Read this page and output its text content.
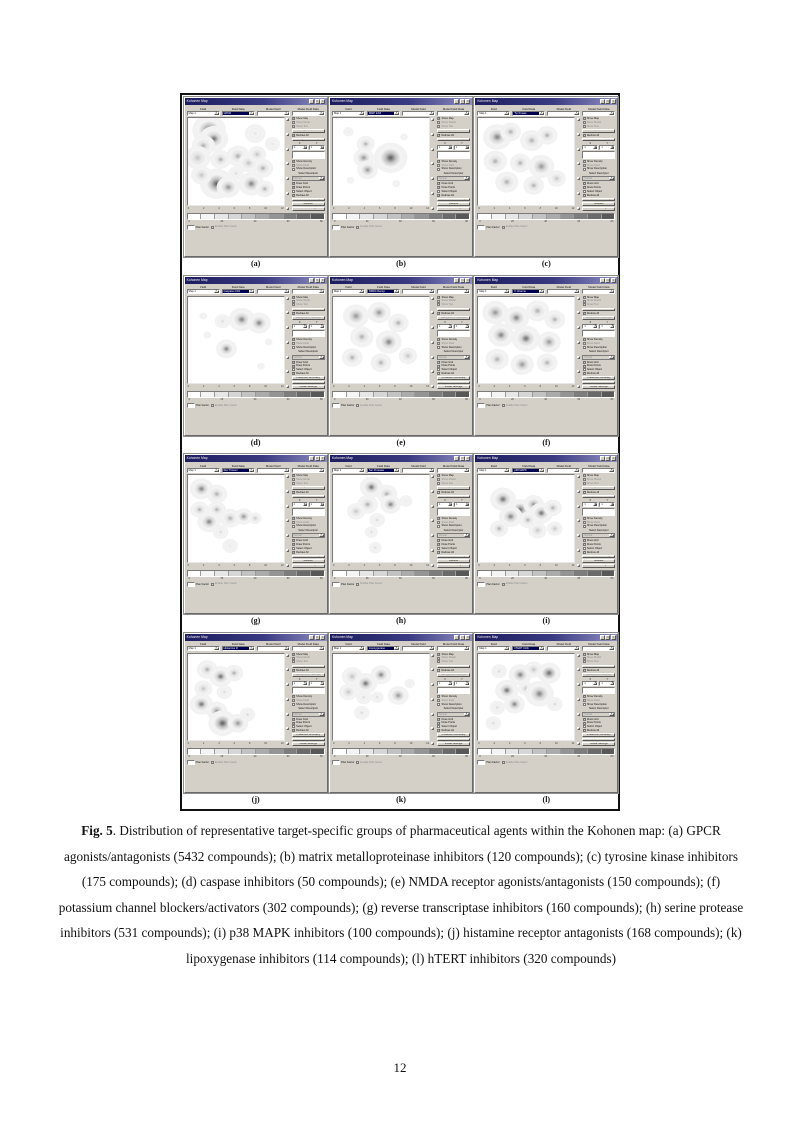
Kohonen Map	_	□	×
Field
Map 1	▾
Field Data
GPCR	▾
Model Field
▾
Model Field Data
▾
0	2	4	6	8	10	12
✓ Show Map
Show Model
Show Text
Put Map As a Picture
✓ Redraw All
Background Settings
X
1	⇅
Y
1	⇅
✓ Show Density
Show Field
Show Description
Select Descriptor
Normal	▾
✓ Draw Grid
✓ Draw Points
Select Object
✓ Redraw All
Prediction Accuracy
Results
Visual Settings
0	20	40	60	80
Plan Factor Enable Plan Factor
(a)
Kohonen Map	_	□	×
Field
Map 1	▾
Field Data
MMP Inhib	▾
Model Field
▾
Model Field Data
▾
0	2	4	6	8	10	12
✓ Show Map
Show Model
Show Text
Put Map As a Picture
✓ Redraw All
Background Settings
X
1	⇅
Y
1	⇅
✓ Show Density
Show Field
Show Description
Select Descriptor
Normal	▾
✓ Draw Grid
✓ Draw Points
Select Object
✓ Redraw All
Prediction Accuracy
Results
Visual Settings
0	20	40	60	80
Plan Factor Enable Plan Factor
(b)
Kohonen Map	_	□	×
Field
Map 1	▾
Field Data
Tyr Kinase	▾
Model Field
▾
Model Field Data
▾
0	2	4	6	8	10	12
✓ Show Map
Show Model
Show Text
Put Map As a Picture
✓ Redraw All
Background Settings
X
1	⇅
Y
1	⇅
✓ Show Density
Show Field
Show Description
Select Descriptor
Normal	▾
✓ Draw Grid
✓ Draw Points
Select Object
✓ Redraw All
Prediction Accuracy
Results
Visual Settings
0	20	40	60	80
Plan Factor Enable Plan Factor
(c)
Kohonen Map	_	□	×
Field
Map 1	▾
Field Data
Caspase Inhib	▾
Model Field
▾
Model Field Data
▾
0	2	4	6	8	10	12
✓ Show Map
Show Model
Show Text
Put Map As a Picture
✓ Redraw All
Background Settings
X
1	⇅
Y
1	⇅
✓ Show Density
Show Field
Show Description
Select Descriptor
Normal	▾
✓ Draw Grid
✓ Draw Points
Select Object
✓ Redraw All
Prediction Accuracy
Results
Visual Settings
0	20	40	60	80
Plan Factor Enable Plan Factor
(d)
Kohonen Map	_	□	×
Field
Map 1	▾
Field Data
NMDA Recept	▾
Model Field
▾
Model Field Data
▾
0	2	4	6	8	10	12
✓ Show Map
Show Model
Show Text
Put Map As a Picture
✓ Redraw All
Background Settings
X
1	⇅
Y
1	⇅
✓ Show Density
Show Field
Show Description
Select Descriptor
Normal	▾
✓ Draw Grid
✓ Draw Points
Select Object
✓ Redraw All
Prediction Accuracy
Results
Visual Settings
0	20	40	60	80
Plan Factor Enable Plan Factor
(e)
Kohonen Map	_	□	×
Field
Map 1	▾
Field Data
K Channel	▾
Model Field
▾
Model Field Data
▾
0	2	4	6	8	10	12
✓ Show Map
Show Model
Show Text
Put Map As a Picture
✓ Redraw All
Background Settings
X
1	⇅
Y
1	⇅
✓ Show Density
Show Field
Show Description
Select Descriptor
Normal	▾
✓ Draw Grid
✓ Draw Points
Select Object
✓ Redraw All
Prediction Accuracy
Results
Visual Settings
0	20	40	60	80
Plan Factor Enable Plan Factor
(f)
Kohonen Map	_	□	×
Field
Map 1	▾
Field Data
Rev Transcr	▾
Model Field
▾
Model Field Data
▾
0	2	4	6	8	10	12
✓ Show Map
Show Model
Show Text
Put Map As a Picture
✓ Redraw All
Background Settings
X
1	⇅
Y
1	⇅
✓ Show Density
Show Field
Show Description
Select Descriptor
Normal	▾
✓ Draw Grid
✓ Draw Points
Select Object
✓ Redraw All
Prediction Accuracy
Results
Visual Settings
0	20	40	60	80
Plan Factor Enable Plan Factor
(g)
Kohonen Map	_	□	×
Field
Map 1	▾
Field Data
Ser Protease	▾
Model Field
▾
Model Field Data
▾
0	2	4	6	8	10	12
✓ Show Map
Show Model
Show Text
Put Map As a Picture
✓ Redraw All
Background Settings
X
1	⇅
Y
1	⇅
✓ Show Density
Show Field
Show Description
Select Descriptor
Normal	▾
✓ Draw Grid
✓ Draw Points
Select Object
✓ Redraw All
Prediction Accuracy
Results
Visual Settings
0	20	40	60	80
Plan Factor Enable Plan Factor
(h)
Kohonen Map	_	□	×
Field
Map 1	▾
Field Data
p38 MAPK	▾
Model Field
▾
Model Field Data
▾
0	2	4	6	8	10	12
✓ Show Map
Show Model
Show Text
Put Map As a Picture
✓ Redraw All
Background Settings
X
1	⇅
Y
1	⇅
✓ Show Density
Show Field
Show Description
Select Descriptor
Normal	▾
✓ Draw Grid
✓ Draw Points
Select Object
✓ Redraw All
Prediction Accuracy
Results
Visual Settings
0	20	40	60	80
Plan Factor Enable Plan Factor
(i)
Kohonen Map	_	□	×
Field
Map 1	▾
Field Data
Histamine R	▾
Model Field
▾
Model Field Data
▾
0	2	4	6	8	10	12
✓ Show Map
Show Model
Show Text
Put Map As a Picture
✓ Redraw All
Background Settings
X
1	⇅
Y
1	⇅
✓ Show Density
Show Field
Show Description
Select Descriptor
Normal	▾
✓ Draw Grid
✓ Draw Points
Select Object
✓ Redraw All
Prediction Accuracy
Results
Visual Settings
0	20	40	60	80
Plan Factor Enable Plan Factor
(j)
Kohonen Map	_	□	×
Field
Map 1	▾
Field Data
Lipoxygenase	▾
Model Field
▾
Model Field Data
▾
0	2	4	6	8	10	12
✓ Show Map
Show Model
Show Text
Put Map As a Picture
✓ Redraw All
Background Settings
X
1	⇅
Y
1	⇅
✓ Show Density
Show Field
Show Description
Select Descriptor
Normal	▾
✓ Draw Grid
✓ Draw Points
Select Object
✓ Redraw All
Prediction Accuracy
Results
Visual Settings
0	20	40	60	80
Plan Factor Enable Plan Factor
(k)
Kohonen Map	_	□	×
Field
Map 1	▾
Field Data
hTERT Inhib	▾
Model Field
▾
Model Field Data
▾
0	2	4	6	8	10	12
✓ Show Map
Show Model
Show Text
Put Map As a Picture
✓ Redraw All
Background Settings
X
1	⇅
Y
1	⇅
✓ Show Density
Show Field
Show Description
Select Descriptor
Normal	▾
✓ Draw Grid
✓ Draw Points
Select Object
✓ Redraw All
Prediction Accuracy
Results
Visual Settings
0	20	40	60	80
Plan Factor Enable Plan Factor
(l)
Fig. 5. Distribution of representative target-specific groups of pharmaceutical agents within the Kohonen map: (a) GPCR agonists/antagonists (5432 compounds); (b) matrix metalloproteinase inhibitors (120 compounds); (c) tyrosine kinase inhibitors (175 compounds); (d) caspase inhibitors (50 compounds); (e) NMDA receptor agonists/antagonists (150 compounds); (f) potassium channel blockers/activators (302 compounds); (g) reverse transcriptase inhibitors (160 compounds); (h) serine protease inhibitors (531 compounds); (i) p38 MAPK inhibitors (100 compounds); (j) histamine receptor antagonists (168 compounds); (k) lipoxygenase inhibitors (114 compounds); (l) hTERT inhibitors (320 compounds)
12
